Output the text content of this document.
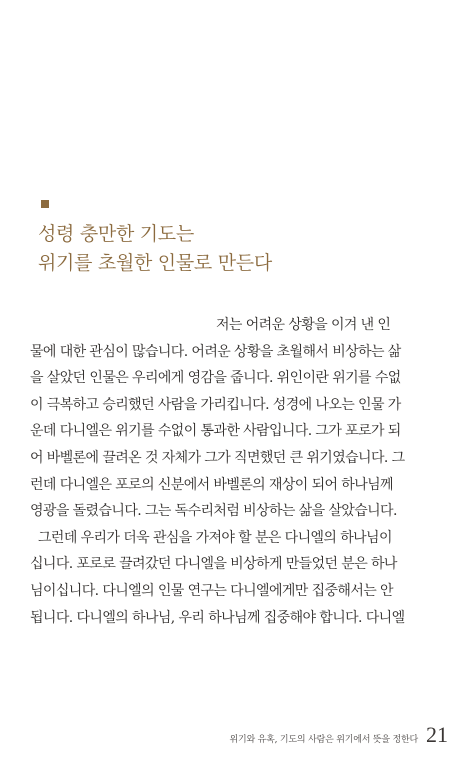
성령 충만한 기도는
위기를 초월한 인물로 만든다
저는 어려운 상황을 이겨 낸 인
물에 대한 관심이 많습니다. 어려운 상황을 초월해서 비상하는 삶
을 살았던 인물은 우리에게 영감을 줍니다. 위인이란 위기를 수없
이 극복하고 승리했던 사람을 가리킵니다. 성경에 나오는 인물 가
운데 다니엘은 위기를 수없이 통과한 사람입니다. 그가 포로가 되
어 바벨론에 끌려온 것 자체가 그가 직면했던 큰 위기였습니다. 그
런데 다니엘은 포로의 신분에서 바벨론의 재상이 되어 하나님께
영광을 돌렸습니다. 그는 독수리처럼 비상하는 삶을 살았습니다.
그런데 우리가 더욱 관심을 가져야 할 분은 다니엘의 하나님이
십니다. 포로로 끌려갔던 다니엘을 비상하게 만들었던 분은 하나
님이십니다. 다니엘의 인물 연구는 다니엘에게만 집중해서는 안
됩니다. 다니엘의 하나님, 우리 하나님께 집중해야 합니다. 다니엘
위기와 유혹, 기도의 사람은 위기에서 뜻을 정한다 21
